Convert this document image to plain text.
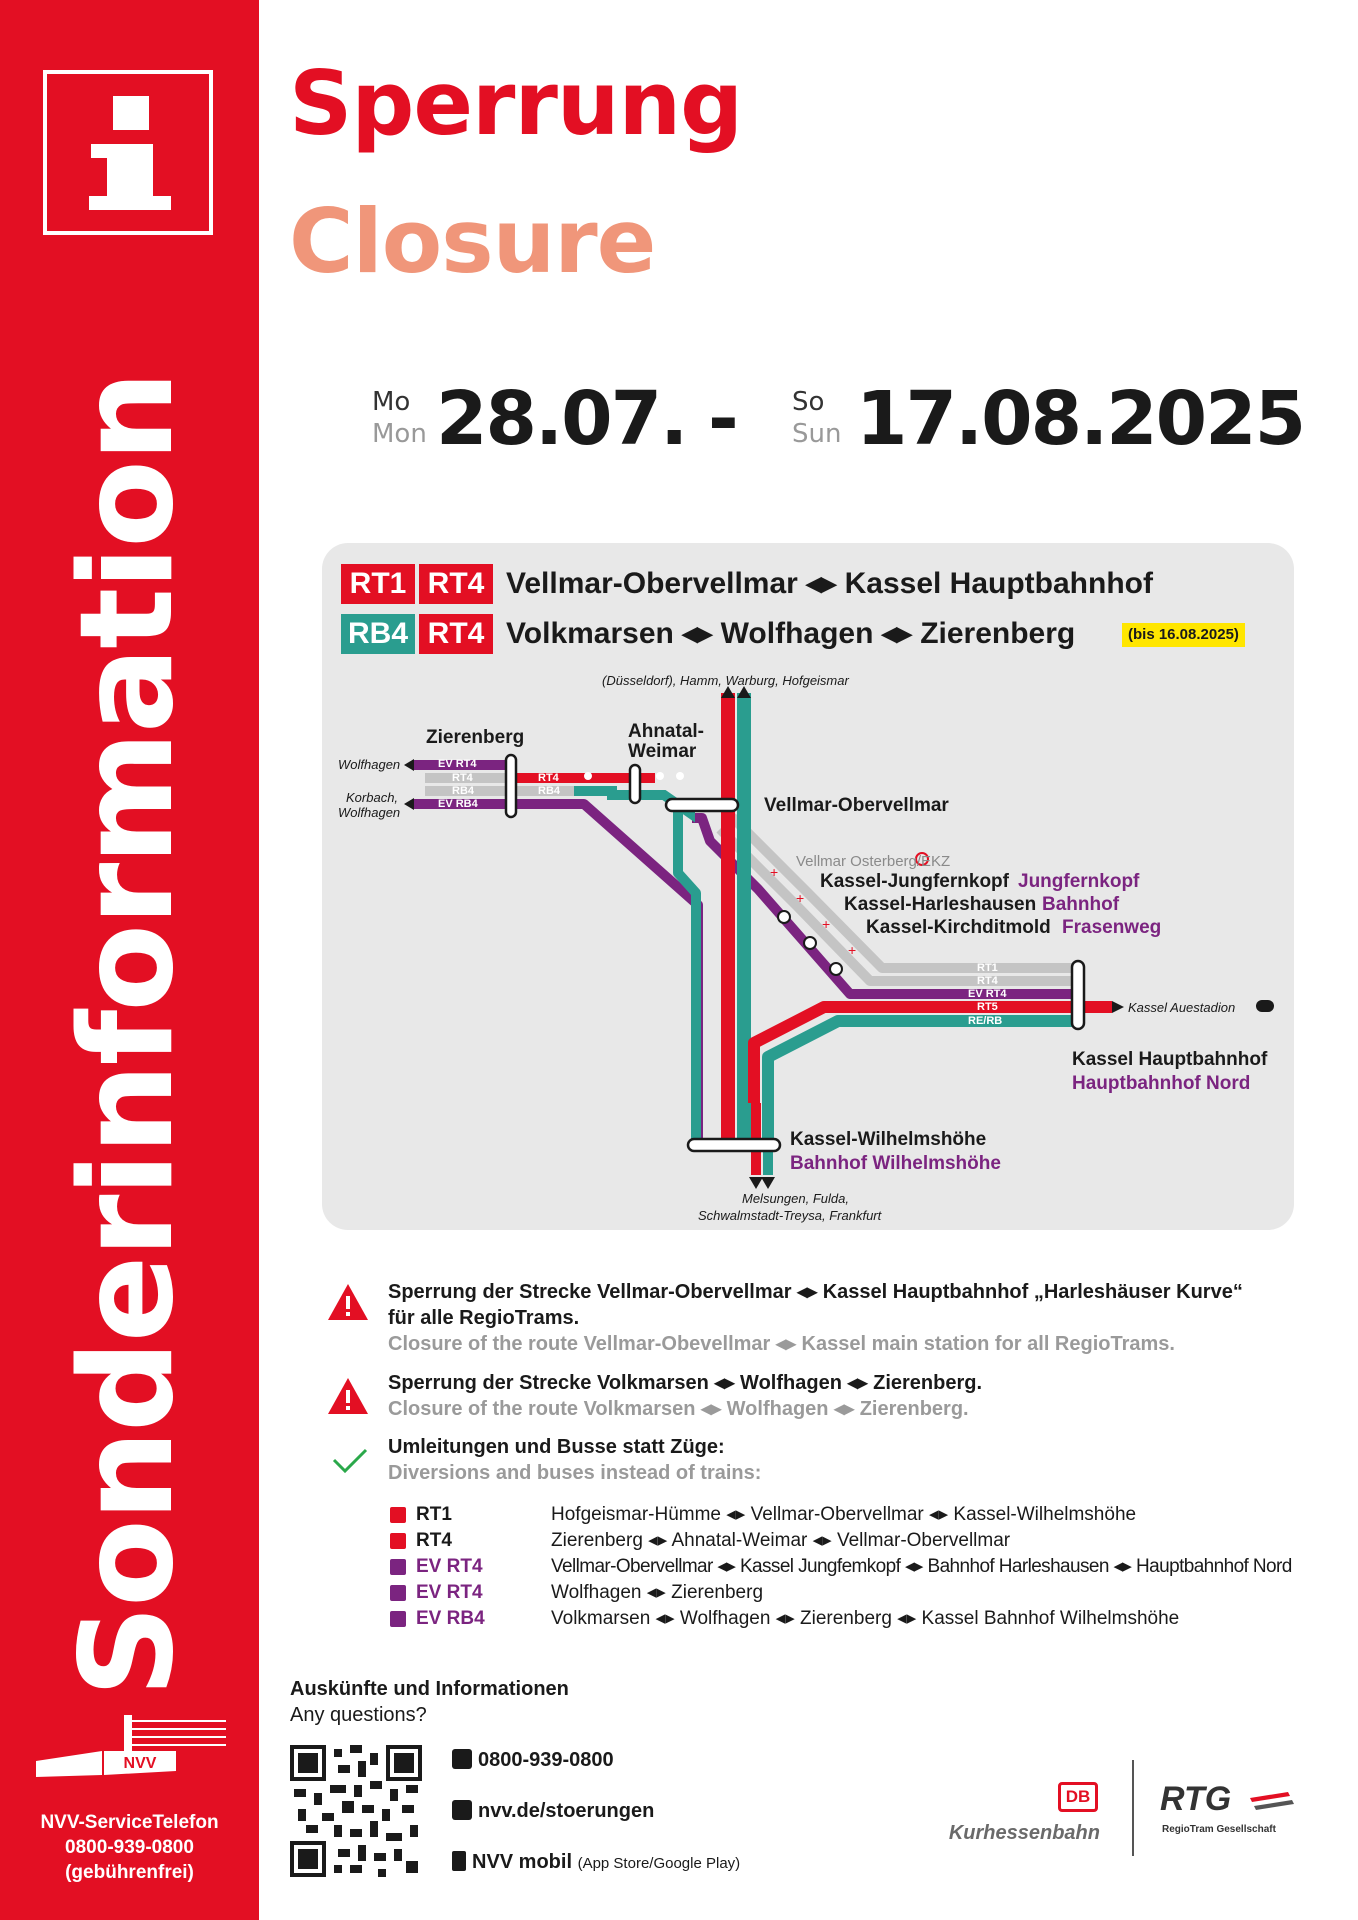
Sonderinformation
NVV
NVV-ServiceTelefon
0800-939-0800
(gebührenfrei)
Sperrung
Closure
Mo
Mon 28.07. - So
Sun 17.08.2025
RT1 RT4 Vellmar-Obervellmar ◂▸ Kassel Hauptbahnhof
RB4 RT4 Volkmarsen ◂▸ Wolfhagen ◂▸ Zierenberg	(bis 16.08.2025)
+
+
+
+
EV RT4
RT4
RB4
EV RB4
RT4
RB4
RT1
RT4
EV RT4
RT5
RE/RB
(Düsseldorf), Hamm, Warburg, Hofgeismar
Melsungen, Fulda,
Schwalmstadt-Treysa, Frankfurt
Wolfhagen
Korbach,
Wolfhagen
Kassel Auestadion
Zierenberg	Ahnatal-
Weimar
Vellmar-Obervellmar
Vellmar Osterberg/EKZ
Kassel-Jungfernkopf Jungfernkopf
Kassel-Harleshausen Bahnhof
Kassel-Kirchditmold Frasenweg
Kassel Hauptbahnhof
Hauptbahnhof Nord
Kassel-Wilhelmshöhe
Bahnhof Wilhelmshöhe
Sperrung der Strecke Vellmar-Obervellmar ◂▸ Kassel Hauptbahnhof „Harleshäuser Kurve“
für alle RegioTrams.
Closure of the route Vellmar-Obevellmar ◂▸ Kassel main station for all RegioTrams.
Sperrung der Strecke Volkmarsen ◂▸ Wolfhagen ◂▸ Zierenberg.
Closure of the route Volkmarsen ◂▸ Wolfhagen ◂▸ Zierenberg.
Umleitungen und Busse statt Züge:
Diversions and buses instead of trains:
RT1	Hofgeismar-Hümme ◂▸ Vellmar-Obervellmar ◂▸ Kassel-Wilhelmshöhe
RT4	Zierenberg ◂▸ Ahnatal-Weimar ◂▸ Vellmar-Obervellmar
EV RT4	Vellmar-Obervellmar ◂▸ Kassel Jungfemkopf ◂▸ Bahnhof Harleshausen ◂▸ Hauptbahnhof Nord
EV RT4	Wolfhagen ◂▸ Zierenberg
EV RB4	Volkmarsen ◂▸ Wolfhagen ◂▸ Zierenberg ◂▸ Kassel Bahnhof Wilhelmshöhe
Auskünfte und Informationen
Any questions?
0800-939-0800
nvv.de/stoerungen
NVV mobil (App Store/Google Play)
DB
Kurhessenbahn
RTG
RegioTram Gesellschaft
